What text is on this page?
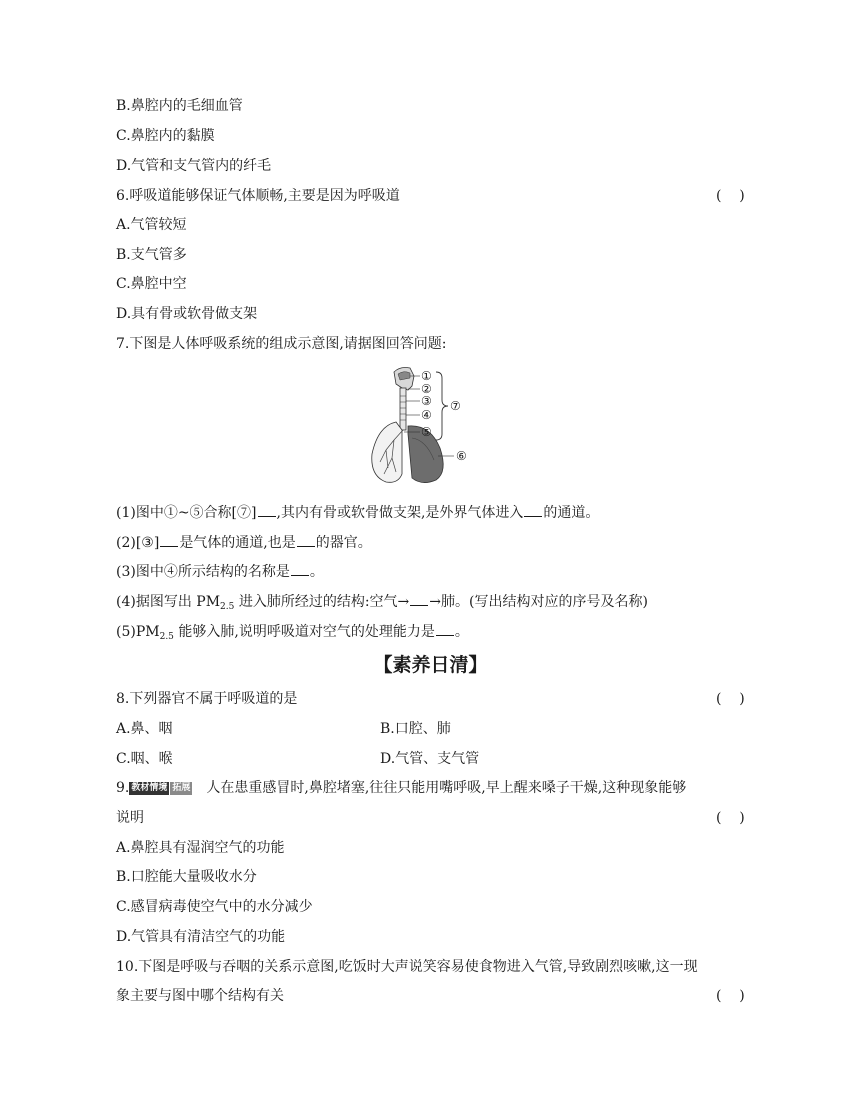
B.鼻腔内的毛细血管
C.鼻腔内的黏膜
D.气管和支气管内的纤毛
6.呼吸道能够保证气体顺畅,主要是因为呼吸道	(    )
A.气管较短
B.支气管多
C.鼻腔中空
D.具有骨或软骨做支架
7.下图是人体呼吸系统的组成示意图,请据图回答问题:
①
②
③
④
⑤
⑥
⑦
(1)图中①~⑤合称[⑦] ,其内有骨或软骨做支架,是外界气体进入 的通道。
(2)[③] 是气体的通道,也是 的器官。
(3)图中④所示结构的名称是 。
(4)据图写出 $PM_{2.5}$ 进入肺所经过的结构:空气→ →肺。(写出结构对应的序号及名称)
$(5)PM_{2.5}$ 能够入肺,说明呼吸道对空气的处理能力是 。
【素养日清】
8.下列器官不属于呼吸道的是	(    )
A.鼻、咽	B.口腔、肺
C.咽、喉	D.气管、支气管
9. 教材情境 拓展 人在患重感冒时,鼻腔堵塞,往往只能用嘴呼吸,早上醒来嗓子干燥,这种现象能够
说明	(    )
A.鼻腔具有湿润空气的功能
B.口腔能大量吸收水分
C.感冒病毒使空气中的水分减少
D.气管具有清洁空气的功能
10.下图是呼吸与吞咽的关系示意图,吃饭时大声说笑容易使食物进入气管,导致剧烈咳嗽,这一现
象主要与图中哪个结构有关	(    )
